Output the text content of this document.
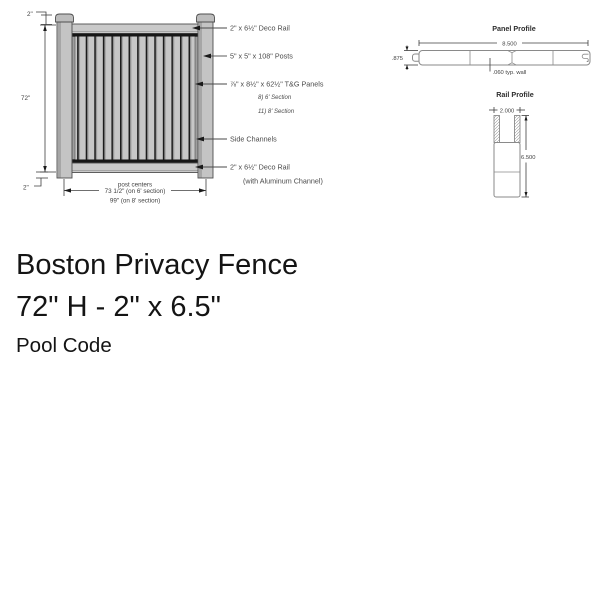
2"
72"
2"	post centers
73 1/2" (on 6' section)
99" (on 8' section)
2" x 6½" Deco Rail
5" x 5" x 108" Posts
⅞" x 8½" x 62½" T&G Panels
8) 6' Section
11) 8' Section
Side Channels
2" x 6½" Deco Rail
(with Aluminum Channel)
Panel Profile
8.500
.875
.060 typ. wall
Rail Profile
2.000
6.500
Boston Privacy Fence
72" H - 2" x 6.5"
Pool Code
